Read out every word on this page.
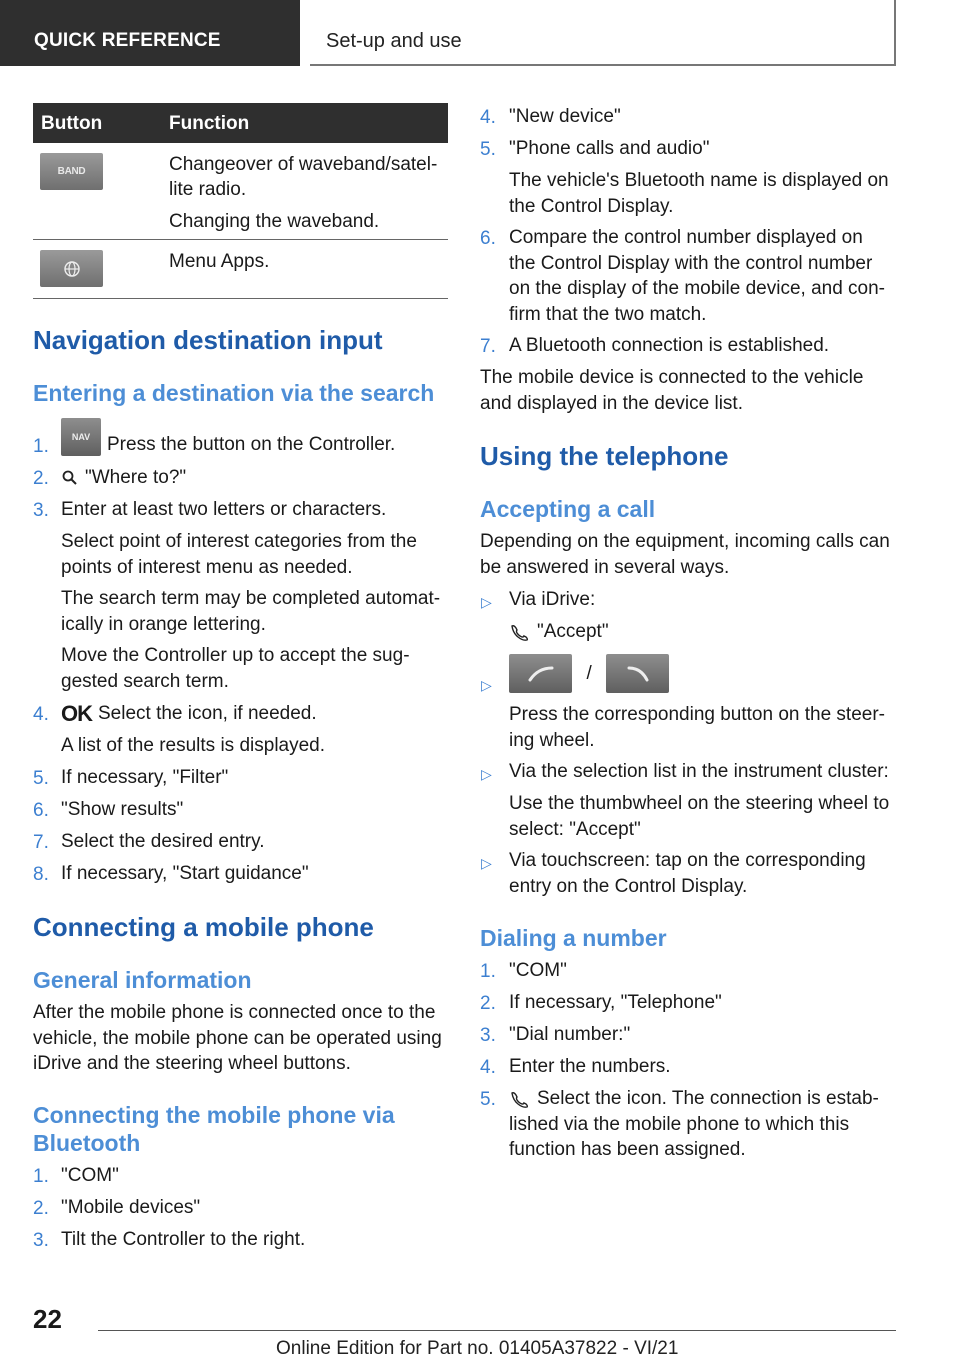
QUICK REFERENCE	Set-up and use
Button	Function
BAND	Changeover of waveband/satel-
lite radio.
Changing the waveband.
Menu Apps.
Navigation destination input
Entering a destination via the search
1.	NAV Press the button on the Controller.
2.	"Where to?"
3. Enter at least two letters or characters.
Select point of interest categories from the
points of interest menu as needed.
The search term may be completed automat-
ically in orange lettering.
Move the Controller up to accept the sug-
gested search term.
4. OK Select the icon, if needed.
A list of the results is displayed.
5. If necessary, "Filter"
6. "Show results"
7. Select the desired entry.
8. If necessary, "Start guidance"
Connecting a mobile phone
General information
After the mobile phone is connected once to the
vehicle, the mobile phone can be operated using
iDrive and the steering wheel buttons.
Connecting the mobile phone via
Bluetooth
1. "COM"
2. "Mobile devices"
3. Tilt the Controller to the right.
4. "New device"
5. "Phone calls and audio"
The vehicle's Bluetooth name is displayed on
the Control Display.
6. Compare the control number displayed on
the Control Display with the control number
on the display of the mobile device, and con-
firm that the two match.
7. A Bluetooth connection is established.
The mobile device is connected to the vehicle
and displayed in the device list.
Using the telephone
Accepting a call
Depending on the equipment, incoming calls can
be answered in several ways.
▷ Via iDrive:
"Accept"
▷
/
Press the corresponding button on the steer-
ing wheel.
▷ Via the selection list in the instrument cluster:
Use the thumbwheel on the steering wheel to
select: "Accept"
▷ Via touchscreen: tap on the corresponding
entry on the Control Display.
Dialing a number
1. "COM"
2. If necessary, "Telephone"
3. "Dial number:"
4. Enter the numbers.
5.	Select the icon. The connection is estab-
lished via the mobile phone to which this
function has been assigned.
22
Online Edition for Part no. 01405A37822 - VI/21
